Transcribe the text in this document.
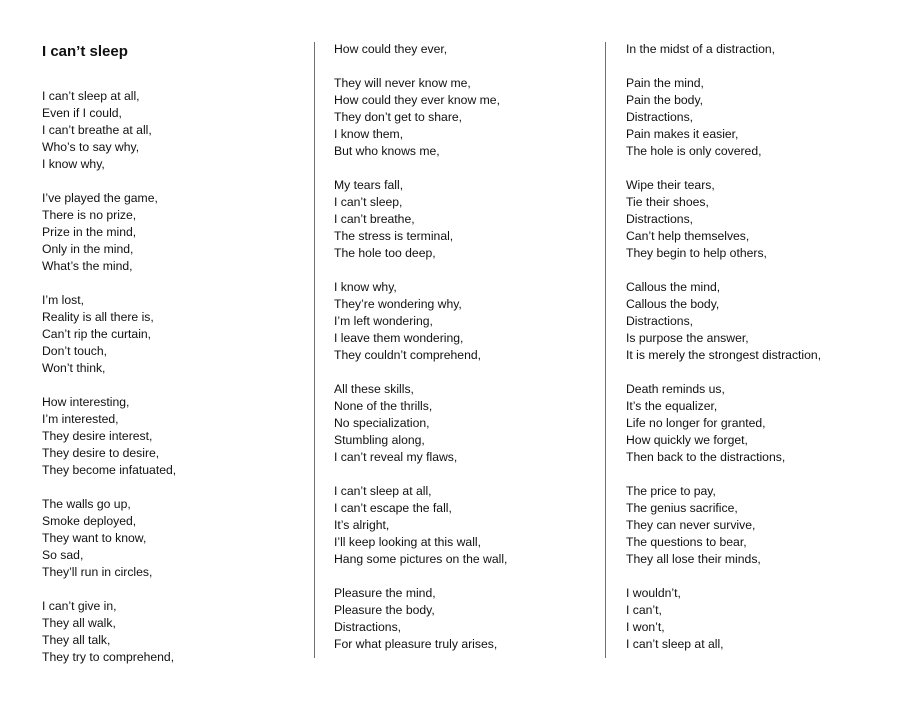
I can’t sleep
I can’t sleep at all,
Even if I could,
I can’t breathe at all,
Who’s to say why,
I know why,
I’ve played the game,
There is no prize,
Prize in the mind,
Only in the mind,
What’s the mind,
I’m lost,
Reality is all there is,
Can’t rip the curtain,
Don’t touch,
Won’t think,
How interesting,
I’m interested,
They desire interest,
They desire to desire,
They become infatuated,
The walls go up,
Smoke deployed,
They want to know,
So sad,
They’ll run in circles,
I can’t give in,
They all walk,
They all talk,
They try to comprehend,
How could they ever,
They will never know me,
How could they ever know me,
They don’t get to share,
I know them,
But who knows me,
My tears fall,
I can’t sleep,
I can’t breathe,
The stress is terminal,
The hole too deep,
I know why,
They’re wondering why,
I’m left wondering,
I leave them wondering,
They couldn’t comprehend,
All these skills,
None of the thrills,
No specialization,
Stumbling along,
I can’t reveal my flaws,
I can’t sleep at all,
I can’t escape the fall,
It’s alright,
I’ll keep looking at this wall,
Hang some pictures on the wall,
Pleasure the mind,
Pleasure the body,
Distractions,
For what pleasure truly arises,
In the midst of a distraction,
Pain the mind,
Pain the body,
Distractions,
Pain makes it easier,
The hole is only covered,
Wipe their tears,
Tie their shoes,
Distractions,
Can’t help themselves,
They begin to help others,
Callous the mind,
Callous the body,
Distractions,
Is purpose the answer,
It is merely the strongest distraction,
Death reminds us,
It’s the equalizer,
Life no longer for granted,
How quickly we forget,
Then back to the distractions,
The price to pay,
The genius sacrifice,
They can never survive,
The questions to bear,
They all lose their minds,
I wouldn’t,
I can’t,
I won’t,
I can’t sleep at all,
